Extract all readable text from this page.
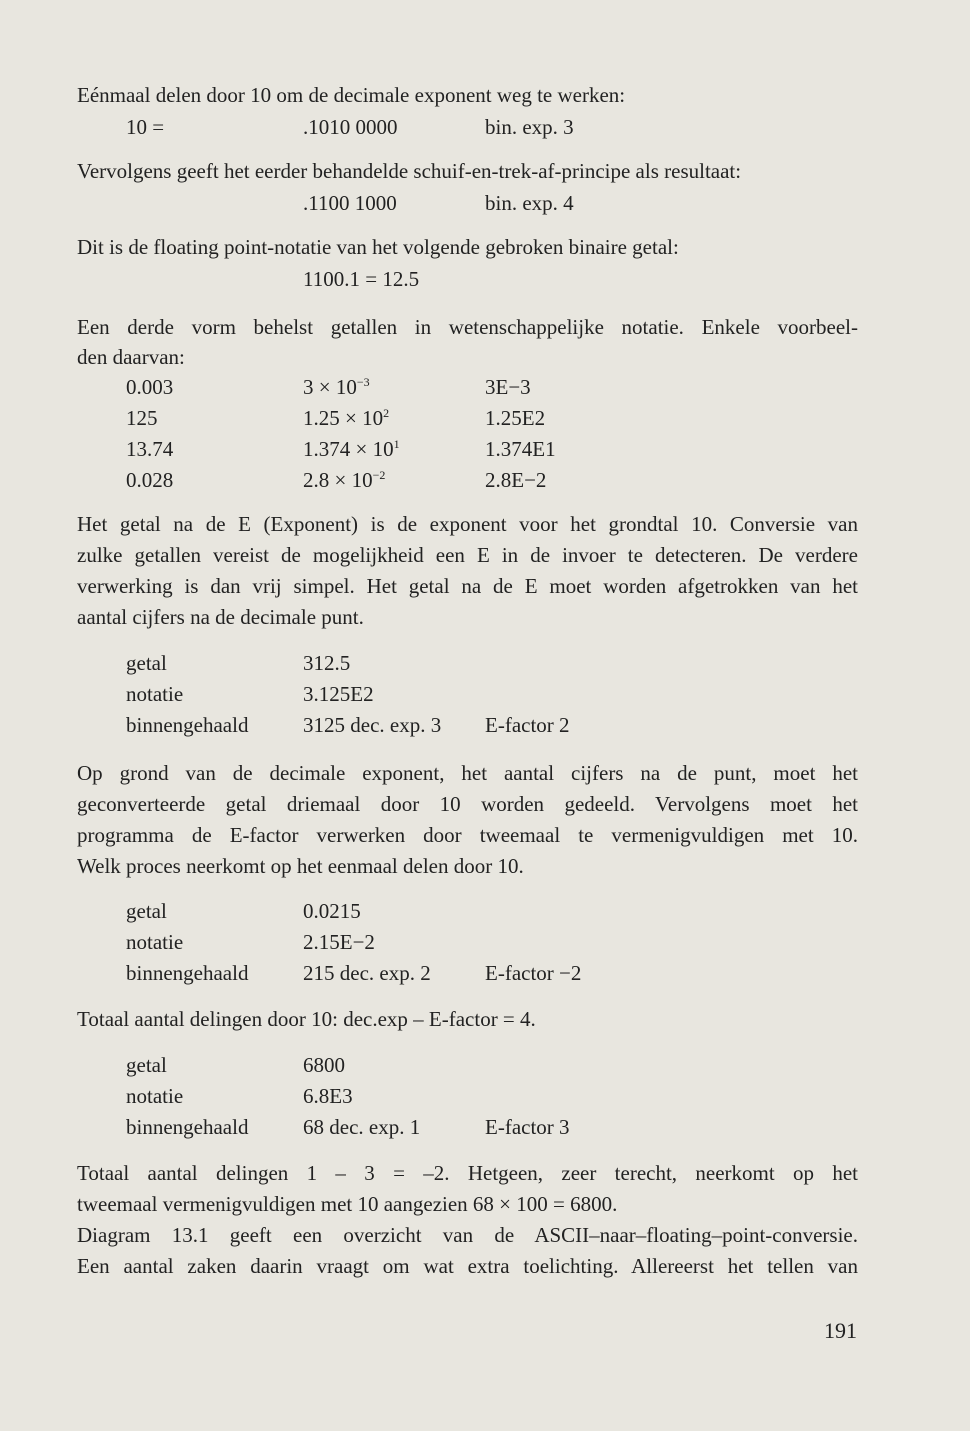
Eénmaal delen door 10 om de decimale exponent weg te werken:
10 =	.1010 0000	bin. exp. 3
Vervolgens geeft het eerder behandelde schuif-en-trek-af-principe als resultaat:
.1100 1000	bin. exp. 4
Dit is de floating point-notatie van het volgende gebroken binaire getal:
1100.1 = 12.5
Een derde vorm behelst getallen in wetenschappelijke notatie. Enkele voorbeel-
den daarvan:
0.003	$3 \times 10^{-3}$	3E−3
125	$1.25 \times 10^2$	1.25E2
13.74	$1.374 \times 10^1$	1.374E1
0.028	$2.8 \times 10^{-2}$	2.8E−2
Het getal na de E (Exponent) is de exponent voor het grondtal 10. Conversie van
zulke getallen vereist de mogelijkheid een E in de invoer te detecteren. De verdere
verwerking is dan vrij simpel. Het getal na de E moet worden afgetrokken van het
aantal cijfers na de decimale punt.
getal	312.5
notatie	3.125E2
binnengehaald	3125 dec. exp. 3 E-factor 2
Op grond van de decimale exponent, het aantal cijfers na de punt, moet het
geconverteerde getal driemaal door 10 worden gedeeld. Vervolgens moet het
programma de E-factor verwerken door tweemaal te vermenigvuldigen met 10.
Welk proces neerkomt op het eenmaal delen door 10.
getal	0.0215
notatie	2.15E−2
binnengehaald	215 dec. exp. 2	E-factor −2
Totaal aantal delingen door 10: dec.exp – E-factor = 4.
getal	6800
notatie	6.8E3
binnengehaald	68 dec. exp. 1	E-factor 3
Totaal aantal delingen 1 – 3 = –2. Hetgeen, zeer terecht, neerkomt op het
tweemaal vermenigvuldigen met 10 aangezien 68 × 100 = 6800.
Diagram 13.1 geeft een overzicht van de ASCII–naar–floating–point-conversie.
Een aantal zaken daarin vraagt om wat extra toelichting. Allereerst het tellen van
191
